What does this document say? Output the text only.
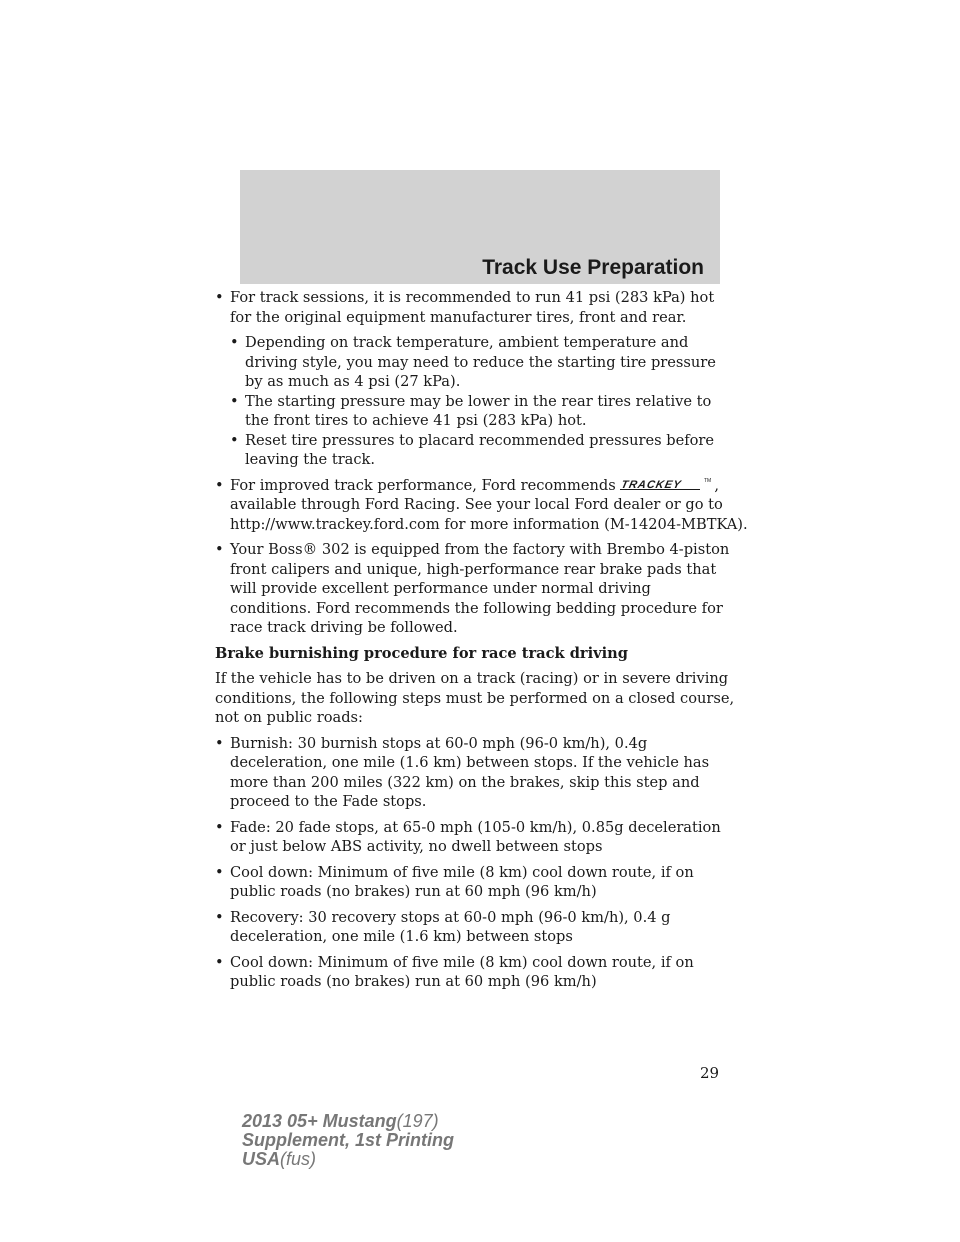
Track Use Preparation
• For track sessions, it is recommended to run 41 psi (283 kPa) hot for the original equipment manufacturer tires, front and rear.
• Depending on track temperature, ambient temperature and driving style, you may need to reduce the starting tire pressure by as much as 4 psi (27 kPa).
• The starting pressure may be lower in the rear tires relative to the front tires to achieve 41 psi (283 kPa) hot.
• Reset tire pressures to placard recommended pressures before leaving the track.
• For improved track performance, Ford recommends TRACKEY	TM ,
available through Ford Racing. See your local Ford dealer or go to
http://www.trackey.ford.com for more information (M-14204-MBTKA).
• Your Boss® 302 is equipped from the factory with Brembo 4-piston front calipers and unique, high-performance rear brake pads that will provide excellent performance under normal driving conditions. Ford recommends the following bedding procedure for race track driving be followed.
Brake burnishing procedure for race track driving
If the vehicle has to be driven on a track (racing) or in severe driving conditions, the following steps must be performed on a closed course, not on public roads:
• Burnish: 30 burnish stops at 60-0 mph (96-0 km/h), 0.4g deceleration, one mile (1.6 km) between stops. If the vehicle has more than 200 miles (322 km) on the brakes, skip this step and proceed to the Fade stops.
• Fade: 20 fade stops, at 65-0 mph (105-0 km/h), 0.85g deceleration or just below ABS activity, no dwell between stops
• Cool down: Minimum of five mile (8 km) cool down route, if on public roads (no brakes) run at 60 mph (96 km/h)
• Recovery: 30 recovery stops at 60-0 mph (96-0 km/h), 0.4 g deceleration, one mile (1.6 km) between stops
• Cool down: Minimum of five mile (8 km) cool down route, if on public roads (no brakes) run at 60 mph (96 km/h)
29
2013 05+ Mustang(197)
Supplement, 1st Printing
USA(fus)
